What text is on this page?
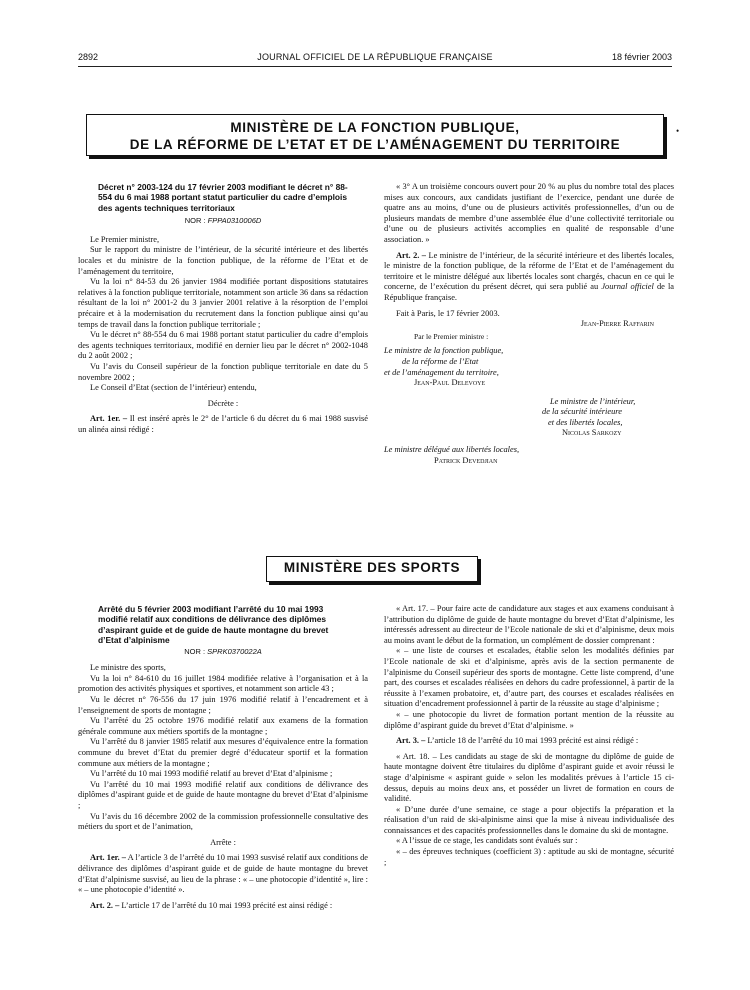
2892	JOURNAL OFFICIEL DE LA RÉPUBLIQUE FRANÇAISE	18 février 2003
MINISTÈRE DE LA FONCTION PUBLIQUE,
DE LA RÉFORME DE L’ETAT ET DE L’AMÉNAGEMENT DU TERRITOIRE
•
Décret n° 2003-124 du 17 février 2003 modifiant le décret n° 88-554 du 6 mai 1988 portant statut particulier du cadre d’emplois des agents techniques territoriaux
NOR : FPPA0310006D

Le Premier ministre,

Sur le rapport du ministre de l’intérieur, de la sécurité intérieure et des libertés locales et du ministre de la fonction publique, de la réforme de l’Etat et de l’aménagement du territoire,

Vu la loi n° 84-53 du 26 janvier 1984 modifiée portant dispositions statutaires relatives à la fonction publique territoriale, notamment son article 36 dans sa rédaction résultant de la loi n° 2001-2 du 3 janvier 2001 relative à la résorption de l’emploi précaire et à la modernisation du recrutement dans la fonction publique ainsi qu’au temps de travail dans la fonction publique territoriale ;

Vu le décret n° 88-554 du 6 mai 1988 portant statut particulier du cadre d’emplois des agents techniques territoriaux, modifié en dernier lieu par le décret n° 2002-1048 du 2 août 2002 ;

Vu l’avis du Conseil supérieur de la fonction publique territoriale en date du 5 novembre 2002 ;

Le Conseil d’Etat (section de l’intérieur) entendu,

Décrète :

Art. 1er. – Il est inséré après le 2° de l’article 6 du décret du 6 mai 1988 susvisé un alinéa ainsi rédigé :

« 3° A un troisième concours ouvert pour 20 % au plus du nombre total des places mises aux concours, aux candidats justifiant de l’exercice, pendant une durée de quatre ans au moins, d’une ou de plusieurs activités professionnelles, d’un ou de plusieurs mandats de membre d’une assemblée élue d’une collectivité territoriale ou d’une ou de plusieurs activités accomplies en qualité de responsable d’une association. »

Art. 2. – Le ministre de l’intérieur, de la sécurité intérieure et des libertés locales, le ministre de la fonction publique, de la réforme de l’Etat et de l’aménagement du territoire et le ministre délégué aux libertés locales sont chargés, chacun en ce qui le concerne, de l’exécution du présent décret, qui sera publié au Journal officiel de la République française.

Fait à Paris, le 17 février 2003.

Jean-Pierre Raffarin
Par le Premier ministre :
Le ministre de la fonction publique,
de la réforme de l’Etat
et de l’aménagement du territoire,
Jean-Paul Delevoye
Le ministre de l’intérieur,
de la sécurité intérieure
et des libertés locales,
Nicolas Sarkozy
Le ministre délégué aux libertés locales,
Patrick Devedjian
MINISTÈRE DES SPORTS
Arrêté du 5 février 2003 modifiant l’arrêté du 10 mai 1993 modifié relatif aux conditions de délivrance des diplômes d’aspirant guide et de guide de haute montagne du brevet d’Etat d’alpinisme
NOR : SPRK0370022A

Le ministre des sports,

Vu la loi n° 84-610 du 16 juillet 1984 modifiée relative à l’organisation et à la promotion des activités physiques et sportives, et notamment son article 43 ;

Vu le décret n° 76-556 du 17 juin 1976 modifié relatif à l’encadrement et à l’enseignement de sports de montagne ;

Vu l’arrêté du 25 octobre 1976 modifié relatif aux examens de la formation générale commune aux métiers sportifs de la montagne ;

Vu l’arrêté du 8 janvier 1985 relatif aux mesures d’équivalence entre la formation commune du brevet d’Etat du premier degré d’éducateur sportif et la formation commune aux métiers de la montagne ;

Vu l’arrêté du 10 mai 1993 modifié relatif au brevet d’Etat d’alpinisme ;

Vu l’arrêté du 10 mai 1993 modifié relatif aux conditions de délivrance des diplômes d’aspirant guide et de guide de haute montagne du brevet d’Etat d’alpinisme ;

Vu l’avis du 16 décembre 2002 de la commission professionnelle consultative des métiers du sport et de l’animation,

Arrête :

Art. 1er. – A l’article 3 de l’arrêté du 10 mai 1993 susvisé relatif aux conditions de délivrance des diplômes d’aspirant guide et de guide de haute montagne du brevet d’Etat d’alpinisme susvisé, au lieu de la phrase : « – une photocopie d’identité », lire : « – une photocopie d’identité ».

Art. 2. – L’article 17 de l’arrêté du 10 mai 1993 précité est ainsi rédigé :

« Art. 17. – Pour faire acte de candidature aux stages et aux examens conduisant à l’attribution du diplôme de guide de haute montagne du brevet d’Etat d’alpinisme, les intéressés adressent au directeur de l’Ecole nationale de ski et d’alpinisme, deux mois au moins avant le début de la formation, un complément de dossier comprenant :

« – une liste de courses et escalades, établie selon les modalités définies par l’Ecole nationale de ski et d’alpinisme, après avis de la section permanente de l’alpinisme du Conseil supérieur des sports de montagne. Cette liste comprend, d’une part, des courses et escalades réalisées en dehors du cadre professionnel, à partir de la réussite à l’examen probatoire, et, d’autre part, des courses et escalades réalisées en situation d’encadrement professionnel à partir de la réussite au stage d’alpinisme ;

« – une photocopie du livret de formation portant mention de la réussite au diplôme d’aspirant guide du brevet d’Etat d’alpinisme. »

Art. 3. – L’article 18 de l’arrêté du 10 mai 1993 précité est ainsi rédigé :

« Art. 18. – Les candidats au stage de ski de montagne du diplôme de guide de haute montagne doivent être titulaires du diplôme d’aspirant guide et avoir réussi le stage d’alpinisme « aspirant guide » selon les modalités prévues à l’article 15 ci-dessus, depuis au moins deux ans, et posséder un livret de formation en cours de validité.

« D’une durée d’une semaine, ce stage a pour objectifs la préparation et la réalisation d’un raid de ski-alpinisme ainsi que la mise à niveau individualisée des connaissances et des capacités professionnelles dans le domaine du ski de montagne.

« A l’issue de ce stage, les candidats sont évalués sur :

« – des épreuves techniques (coefficient 3) : aptitude au ski de montagne, sécurité ;
